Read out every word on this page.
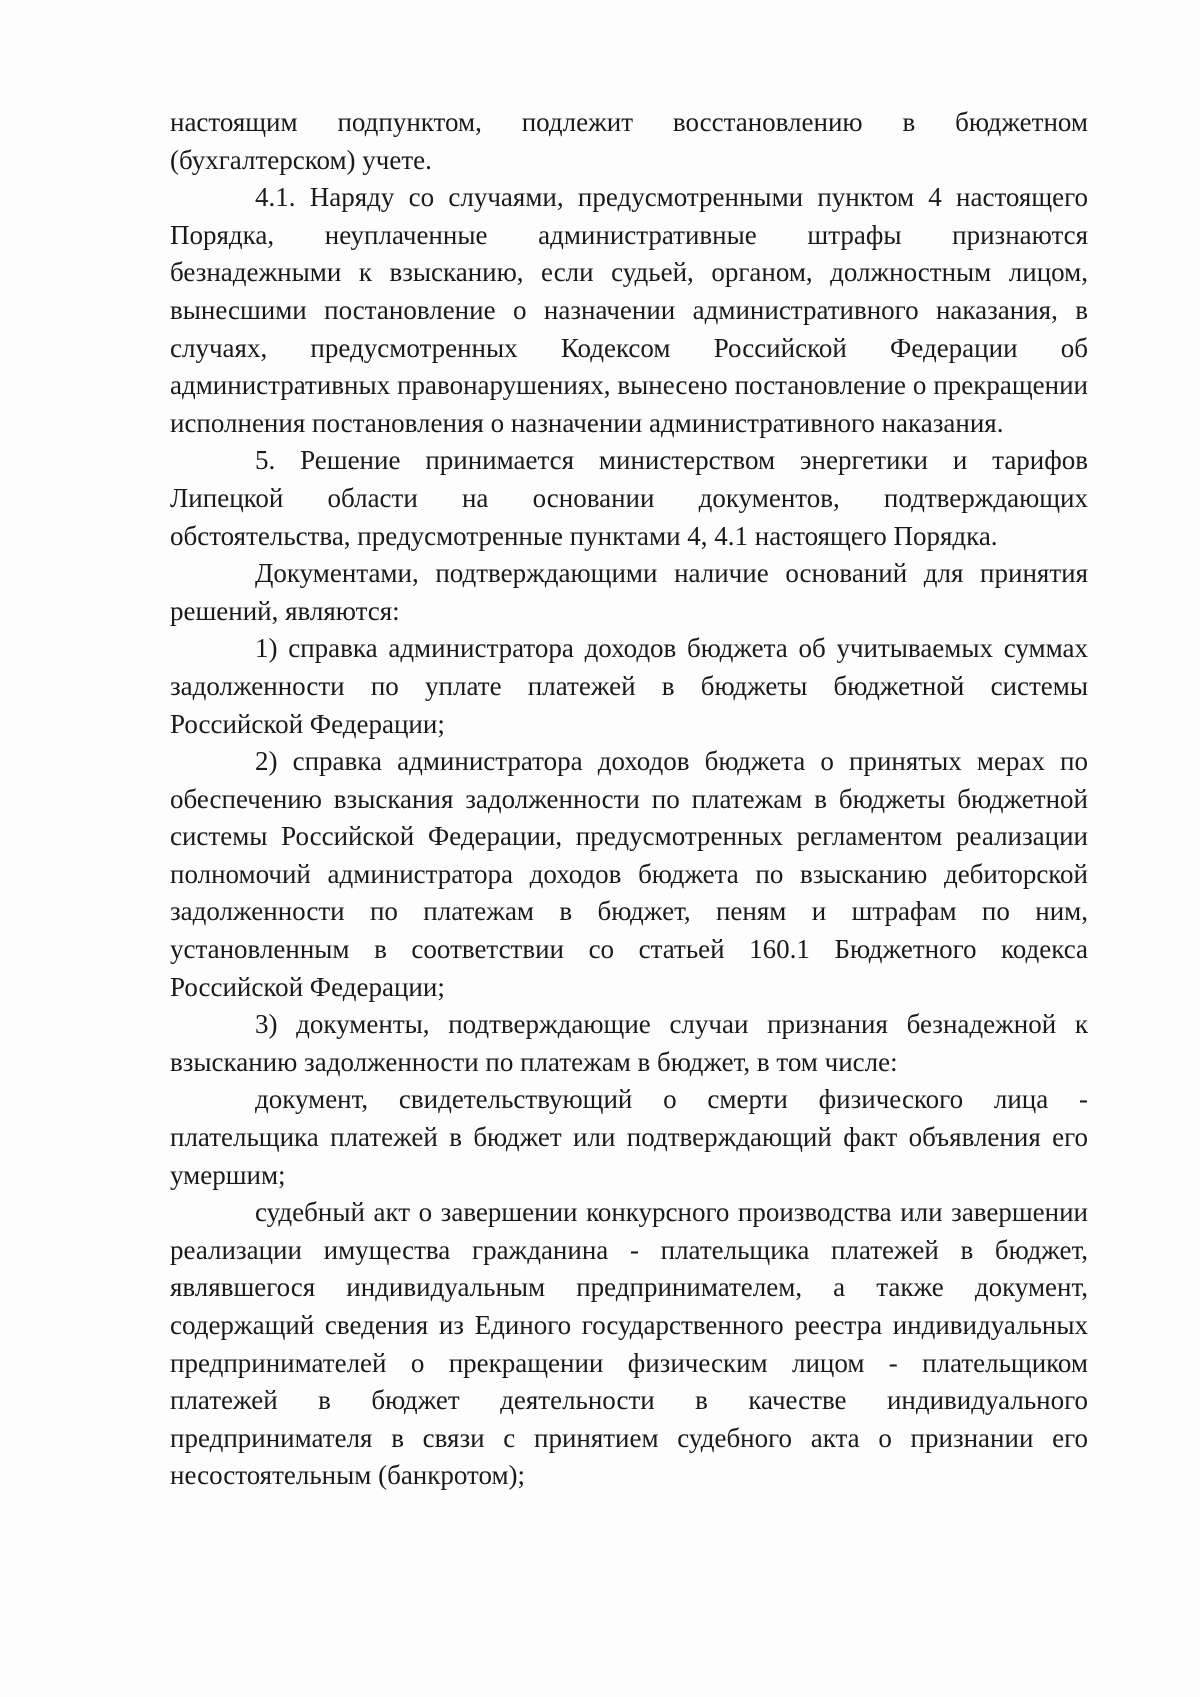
настоящим подпунктом, подлежит восстановлению в бюджетном (бухгалтерском) учете.

4.1. Наряду со случаями, предусмотренными пунктом 4 настоящего Порядка, неуплаченные административные штрафы признаются безнадежными к взысканию, если судьей, органом, должностным лицом, вынесшими постановление о назначении административного наказания, в случаях, предусмотренных Кодексом Российской Федерации об административных правонарушениях, вынесено постановление о прекращении исполнения постановления о назначении административного наказания.

5. Решение принимается министерством энергетики и тарифов Липецкой области на основании документов, подтверждающих обстоятельства, предусмотренные пунктами 4, 4.1 настоящего Порядка.

Документами, подтверждающими наличие оснований для принятия решений, являются:

1) справка администратора доходов бюджета об учитываемых суммах задолженности по уплате платежей в бюджеты бюджетной системы Российской Федерации;

2) справка администратора доходов бюджета о принятых мерах по обеспечению взыскания задолженности по платежам в бюджеты бюджетной системы Российской Федерации, предусмотренных регламентом реализации полномочий администратора доходов бюджета по взысканию дебиторской задолженности по платежам в бюджет, пеням и штрафам по ним, установленным в соответствии со статьей 160.1 Бюджетного кодекса Российской Федерации;

3) документы, подтверждающие случаи признания безнадежной к взысканию задолженности по платежам в бюджет, в том числе:

документ, свидетельствующий о смерти физического лица - плательщика платежей в бюджет или подтверждающий факт объявления его умершим;

судебный акт о завершении конкурсного производства или завершении реализации имущества гражданина - плательщика платежей в бюджет, являвшегося индивидуальным предпринимателем, а также документ, содержащий сведения из Единого государственного реестра индивидуальных предпринимателей о прекращении физическим лицом - плательщиком платежей в бюджет деятельности в качестве индивидуального предпринимателя в связи с принятием судебного акта о признании его несостоятельным (банкротом);
